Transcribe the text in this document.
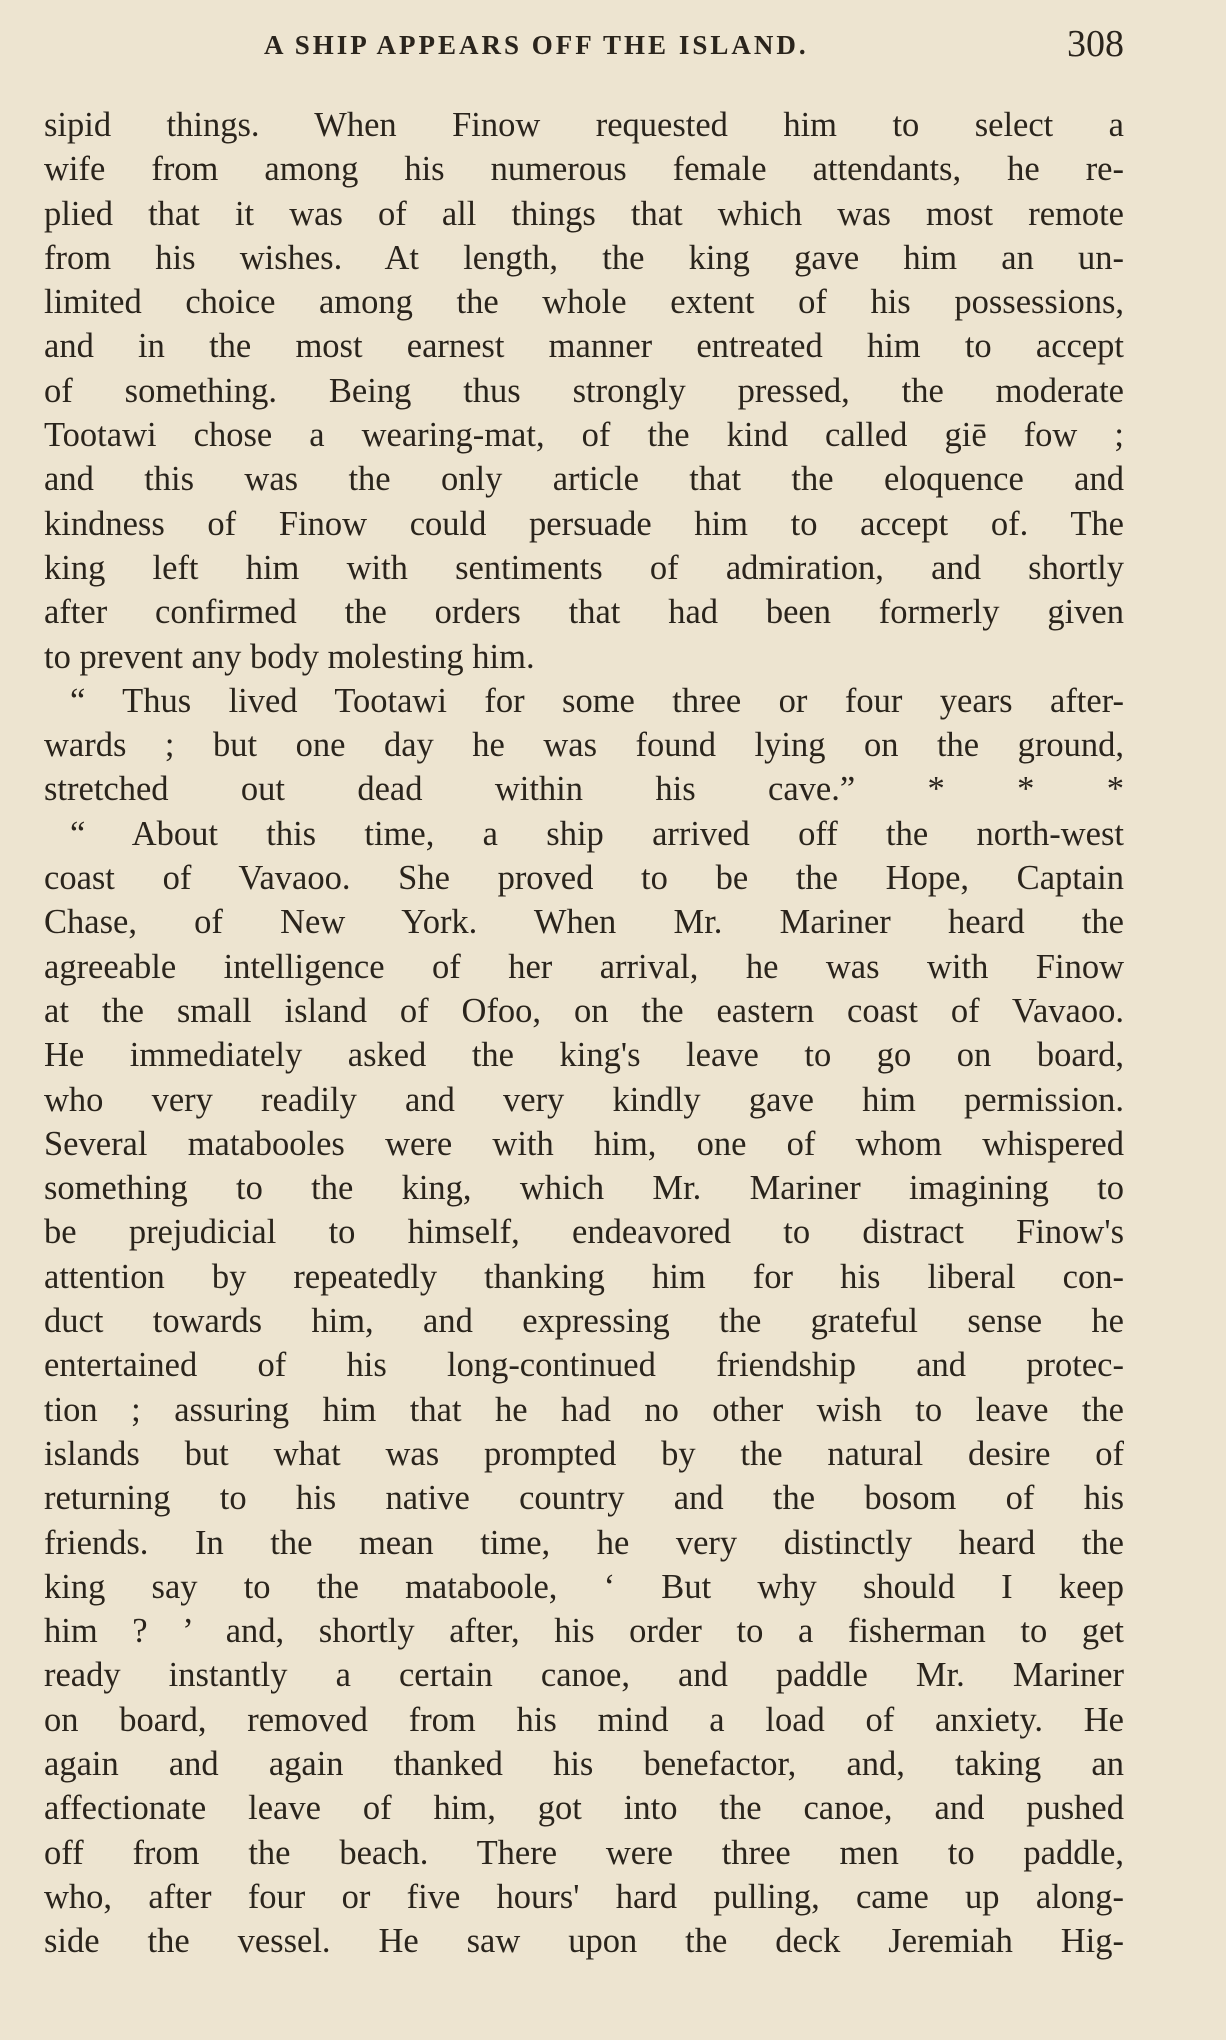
A SHIP APPEARS OFF THE ISLAND.	308
sipid things. When Finow requested him to select a
wife from among his numerous female attendants, he re-
plied that it was of all things that which was most remote
from his wishes. At length, the king gave him an un-
limited choice among the whole extent of his possessions,
and in the most earnest manner entreated him to accept
of something. Being thus strongly pressed, the moderate
Tootawi chose a wearing-mat, of the kind called giē fow ;
and this was the only article that the eloquence and
kindness of Finow could persuade him to accept of. The
king left him with sentiments of admiration, and shortly
after confirmed the orders that had been formerly given
to prevent any body molesting him.
“ Thus lived Tootawi for some three or four years after-
wards ; but one day he was found lying on the ground,
stretched out dead within his cave.” * * *
“ About this time, a ship arrived off the north-west
coast of Vavaoo. She proved to be the Hope, Captain
Chase, of New York. When Mr. Mariner heard the
agreeable intelligence of her arrival, he was with Finow
at the small island of Ofoo, on the eastern coast of Vavaoo.
He immediately asked the king's leave to go on board,
who very readily and very kindly gave him permission.
Several matabooles were with him, one of whom whispered
something to the king, which Mr. Mariner imagining to
be prejudicial to himself, endeavored to distract Finow's
attention by repeatedly thanking him for his liberal con-
duct towards him, and expressing the grateful sense he
entertained of his long-continued friendship and protec-
tion ; assuring him that he had no other wish to leave the
islands but what was prompted by the natural desire of
returning to his native country and the bosom of his
friends. In the mean time, he very distinctly heard the
king say to the mataboole, ‘ But why should I keep
him ? ’ and, shortly after, his order to a fisherman to get
ready instantly a certain canoe, and paddle Mr. Mariner
on board, removed from his mind a load of anxiety. He
again and again thanked his benefactor, and, taking an
affectionate leave of him, got into the canoe, and pushed
off from the beach. There were three men to paddle,
who, after four or five hours' hard pulling, came up along-
side the vessel. He saw upon the deck Jeremiah Hig-
